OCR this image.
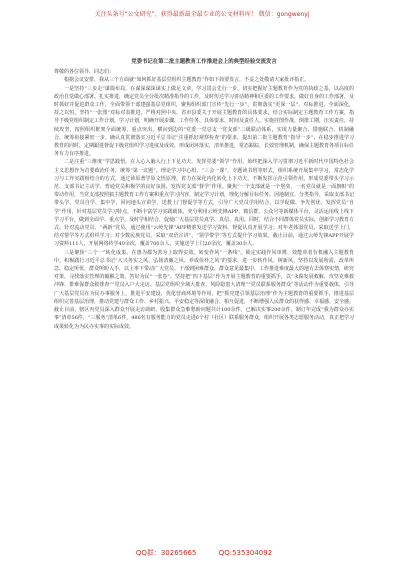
关注头条号“公文研究”，获得最新最全最专业的公文材料库！ 微信：gongwenyj
党委书记在第二批主题教育工作推进会上的典型经验交流发言
尊敬的各位领导、同志们：

根据会议安排，我从三个方面就“如何抓好基层党组织主题教育”作如下简要发言，不妥之处敬请大家批评指正。

一是坚持“三步走”谋篇布局，在谋深谋深谋实上做足文章。学习贯会先行一步，切实把握好主题教育作为党的执政之基，以高度的政治自觉做心部署。扎实推进，确定党员全分批次精准指导的工作，及时传达学习讲话精神和区委的工作要求，做好自身的工作部署，及时抓好并促进群众工作，全面带领干部建强基层党组织，聚焦组织部门宣传“先行一步”，贯彻落实“更深一层”，对标推进，全面深化，持之以恒。坚持“一张图”对标对表推进，严格对照中央、省市县委关于开展主题教育的具体要求，结合实际制定主题教育工作方案，指导下级党组织制定工作计划，学习计划，明确开展步骤、工作任务、具体要求、时间及责任人。实施挂图作战，倒排工期，压实责任，持续攻坚，按照组织框架全面统筹，重点突出，横向到边的“党委一党总支一党支部”三级联动体系，实现力量聚合、措施联合、机制融合，统筹衔接紧密一步。确认真贯彻落实习近平总书记“注重抓好观察检查”的要求，提出第二批主题教育“指导一步”，在稳步推进学习教育的同时，定期跟进督促下级党组织学习进度及成效，形成闭环落实，清单推进，常态跟踪，长效管理机制，确保主题教育各项目标任务有力有序推进。

二是注重“三维度”学思践悟，在入心入脑入行上下足功夫。发挥党委“领学”作用。始终把深入学习贯彻习近平新时代中国特色社会主义思想作为首要政治任务，统筹“第一议题”、理论学习中心组、“三会一课”、专题读书班等形式，组织系统开展集中学习，常态化学习与工作实践相结合的方式，通过读原著学原文悟原理，着力在深化内化转化上下功夫，不断发挥示范引领作用，形成党委带头学习示范、支部书记主动学、普通党员积极学的良好氛围。发挥党支部“督学”作用。聚焦“一个支部就是一个堡垒、一名党员就是一面旗帜”的带动作用，当党支部按照搞主题教育工作方案和重点学习内容，制定学习计划，理化分解目标任务。因地制宜、分类指导，采取支部书记带头学、党员自学、集中学、回问地头宣讲学、送教上门督促学等方式，引导广大党员学用结合、以学促做、争先创优。发挥党员“自学”作用，针对基层党员学习特点，不断丰富学习实践载体，充分利用云岭先锋APP、微信群、公众号等新媒体平台，灵活运用线上线下学习平台，做到全面学、重点学、及时学相结合，促使广大基层党员真学、真信、真用。同时，结合不同群体党员实际，创新学习教育方式，针对流动党员、“两新”党员、通过使用“云岭先锋”APP精准发送学习资料、督促认真开展学习；对年老体弱党员、采取送学上门，结对帮学等方式组织学习；对少数民族党员，采取“双语宣讲”、“领学带学”等方式提升学习效果。截止目前，通过云岭先锋APP开展学习资料111人，开展网络传学40余次，覆盖700余人，实施送学上门20余次，覆盖30余人。

三是聚焦“三个一”转化成果，在惠为都为善为上取得实效。转变作风“一条线”。锁定实践作风单薄、效能单者有机融入主题教育中，积极践行习近平总书记“大兴务实之风、弘扬清廉之风、养成俭朴之风”的要求，进一步转作风、树新风，坚持以发展所需、改革所急、稳定所忧、群众所盼入手，以上率下带动广大党员、干部到困难群众、群众意见最集中、工作推进难度最大的地方去体察实情，研究对策，寻找落实管理的破解之策。答好为民“一张卷”。坚持把“四下基层”作为开展主题教育的重要抓手，以“永葆发展救解、攻坚克难救冲锋、排难保群众救排查”“党员入户大走访、基层党组织全域大排查、风险隐患大清理”“党员联系服务群众”等活动作为重要载体，引导广大基层党员在为民办事服务上，推进平安建设、优化营商环境等作用，把“抓党建引领基层治理”作为主题教育的重要抓手，推进基层组织完善基层治理，推动党建与群众工作、乡村振兴、平安稳定等深度融合、相互促进，不断增强人民群众的获得感、幸福感、安全感。截止目前，辖区内党员深入群众开展走访调研、收集群众急难愁盼问题共计100余件，已解决实事200余件。制订年完成“我为群众办实事”清单56件，“三服务”清单6件，486名有服务能力的党员走进6个村（社区）联系服务群众，组织开展各类志愿服务活动，真正把学习成果转化为为民办实事的实际成效。

QQ群：30265665	QQ:535304092
